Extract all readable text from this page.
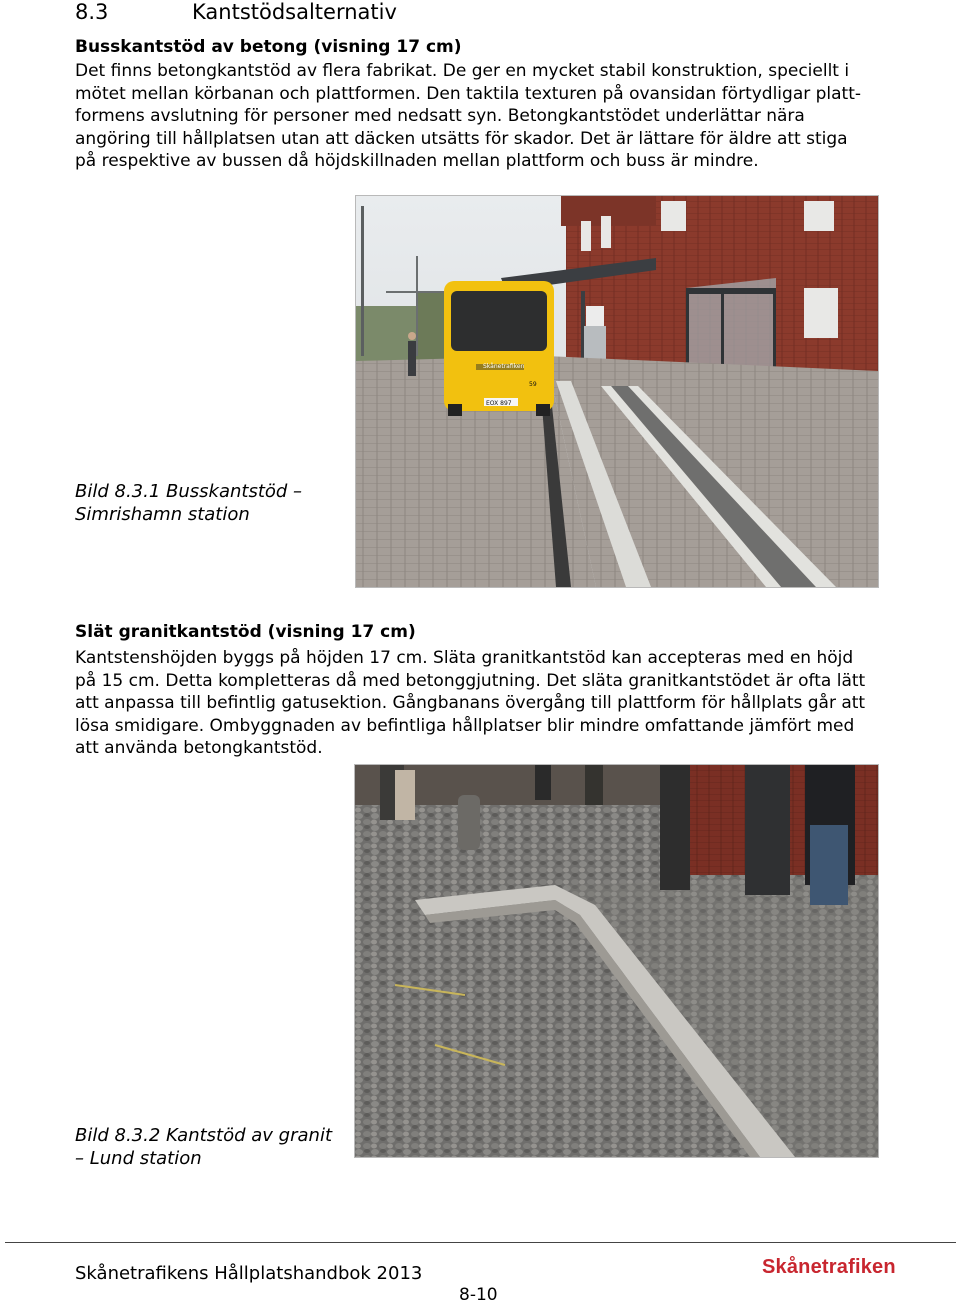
8.3	Kantstödsalternativ
Busskantstöd av betong (visning 17 cm)

Det finns betongkantstöd av flera fabrikat. De ger en mycket stabil konstruktion, speciellt i

mötet mellan körbanan och plattformen. Den taktila texturen på ovansidan förtydligar platt-

formens avslutning för personer med nedsatt syn. Betongkantstödet underlättar nära

angöring till hållplatsen utan att däcken utsätts för skador. Det är lättare för äldre att stiga

på respektive av bussen då höjdskillnaden mellan plattform och buss är mindre.

Skånetrafiken
EOX 897
59
Bild 8.3.1 Busskantstöd –
Simrishamn station
Slät granitkantstöd (visning 17 cm)

Kantstenshöjden byggs på höjden 17 cm. Släta granitkantstöd kan accepteras med en höjd

på 15 cm. Detta kompletteras då med betonggjutning. Det släta granitkantstödet är ofta lätt

att anpassa till befintlig gatusektion. Gångbanans övergång till plattform för hållplats går att

lösa smidigare. Ombyggnaden av befintliga hållplatser blir mindre omfattande jämfört med

att använda betongkantstöd.

Bild 8.3.2 Kantstöd av granit
– Lund station
Skånetrafikens Hållplatshandbok 2013
8-10
Skånetrafiken
